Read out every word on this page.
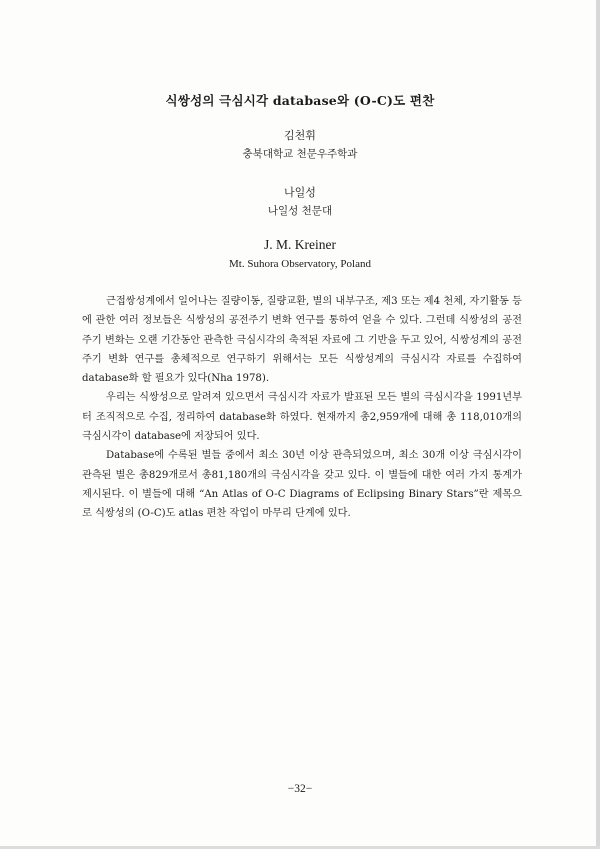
식쌍성의 극심시각 database와 (O-C)도 편찬
김천휘
충북대학교 천문우주학과
나일성
나일성 천문대
J. M. Kreiner
Mt. Suhora Observatory, Poland

근접쌍성계에서 일어나는 질량이동, 질량교환, 별의 내부구조, 제3 또는 제4 천체, 자기활동 등에 관한 여러 정보들은 식쌍성의 공전주기 변화 연구를 통하여 얻을 수 있다. 그런데 식쌍성의 공전주기 변화는 오랜 기간동안 관측한 극심시각의 축적된 자료에 그 기반을 두고 있어, 식쌍성계의 공전주기 변화 연구를 총체적으로 연구하기 위해서는 모든 식쌍성계의 극심시각 자료를 수집하여 database화 할 필요가 있다(Nha 1978).

우리는 식쌍성으로 알려져 있으면서 극심시각 자료가 발표된 모든 별의 극심시각을 1991년부터 조직적으로 수집, 정리하여 database화 하였다. 현재까지 총2,959개에 대해 총 118,010개의 극심시각이 database에 저장되어 있다.

Database에 수록된 별들 중에서 최소 30년 이상 관측되었으며, 최소 30개 이상 극심시각이 관측된 별은 총829개로서 총81,180개의 극심시각을 갖고 있다. 이 별들에 대한 여러 가지 통계가 제시된다. 이 별들에 대해 “An Atlas of O-C Diagrams of Eclipsing Binary Stars”란 제목으로 식쌍성의 (O-C)도 atlas 편찬 작업이 마무리 단계에 있다.

−32−
